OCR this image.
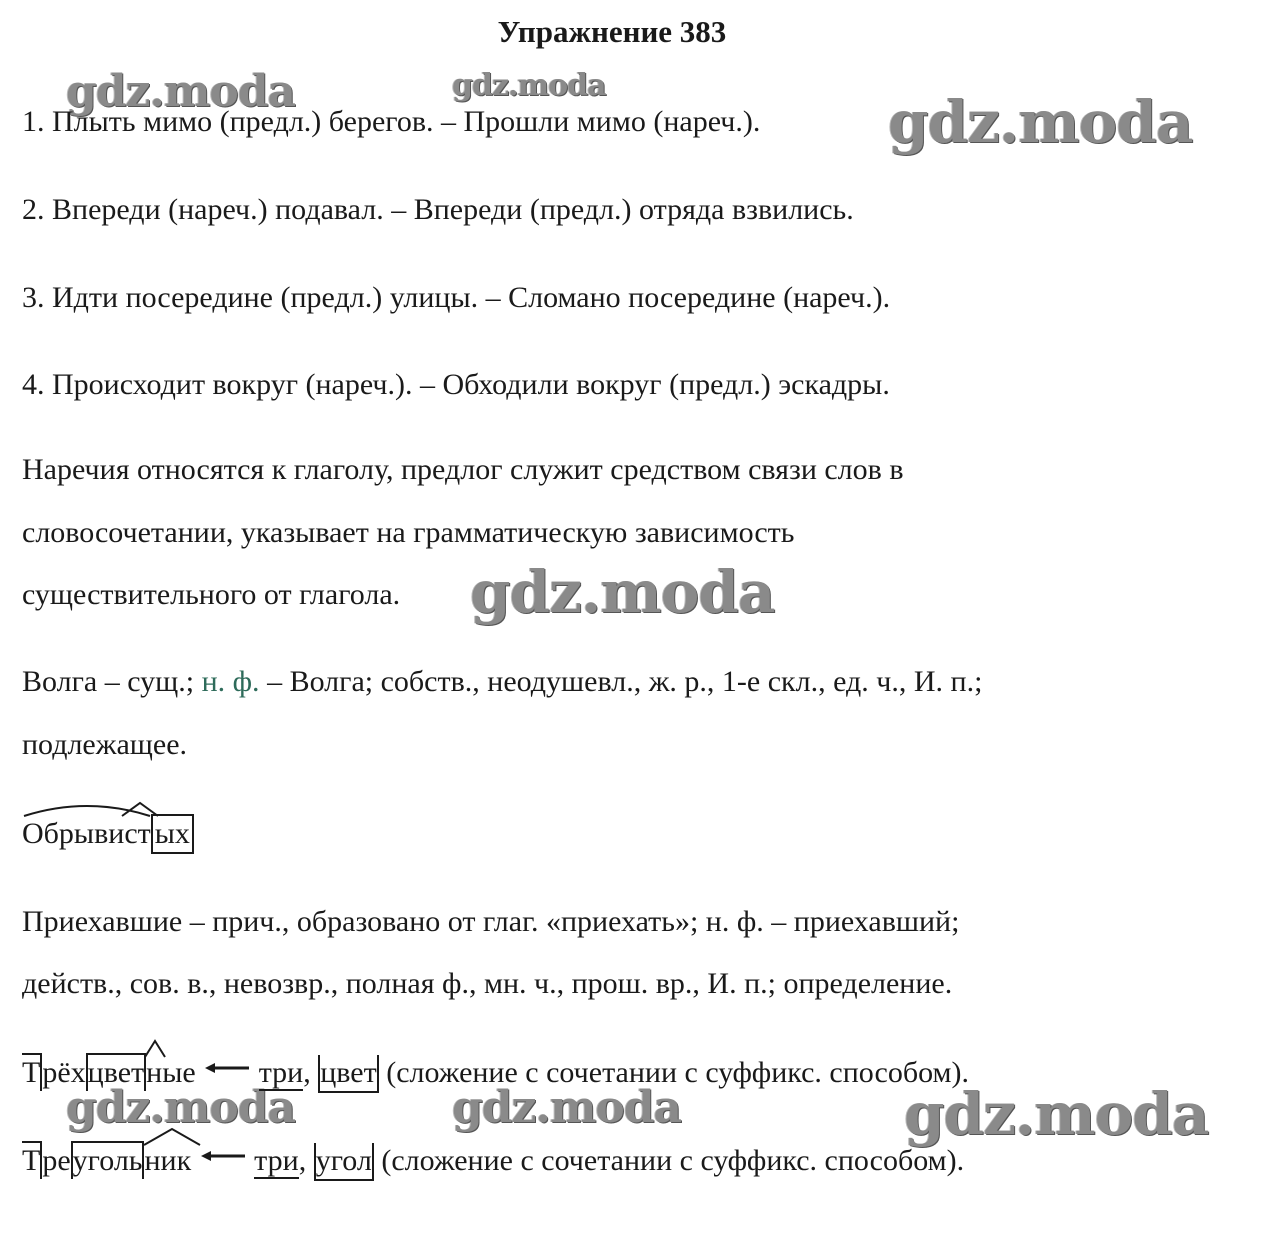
Упражнение 383
gdz.moda	gdz.moda
gdz.moda
gdz.moda
gdz.moda	gdz.moda	gdz.moda
1. Плыть мимо (предл.) берегов. – Прошли мимо (нареч.).
2. Впереди (нареч.) подавал. – Впереди (предл.) отряда взвились.
3. Идти посередине (предл.) улицы. – Сломано посередине (нареч.).
4. Происходит вокруг (нареч.). – Обходили вокруг (предл.) эскадры.
Наречия относятся к глаголу, предлог служит средством связи слов в
словосочетании, указывает на грамматическую зависимость
существительного от глагола.
Волга – сущ.; н. ф. – Волга; собств., неодушевл., ж. р., 1-е скл., ед. ч., И. п.;
подлежащее.
Обрыви
ст ых
Приехавшие – прич., образовано от глаг. «приехать»; н. ф. – приехавший;
действ., сов. в., невозвр., полная ф., мн. ч., прош. вр., И. п.; определение.
Трёхцвет
ные три, цвет (сложение с сочетании с суффикс. способом).
Треуголь
ник три, угол (сложение с сочетании с суффикс. способом).
